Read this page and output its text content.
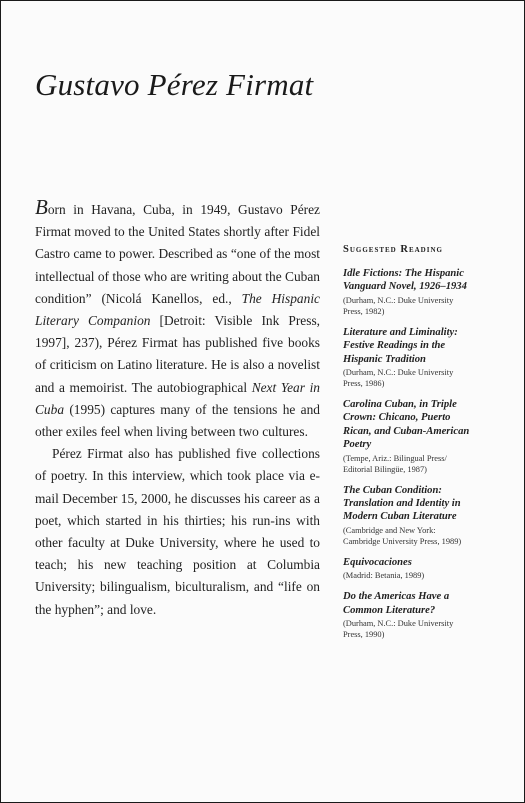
Gustavo Pérez Firmat

Born in Havana, Cuba, in 1949, Gustavo Pérez Firmat moved to the United States shortly after Fidel Castro came to power. Described as “one of the most intellectual of those who are writing about the Cuban condition” (Nicolá Kanellos, ed., The Hispanic Literary Companion [Detroit: Visible Ink Press, 1997], 237), Pérez Firmat has published five books of criticism on Latino literature. He is also a novelist and a memoirist. The autobiographical Next Year in Cuba (1995) captures many of the tensions he and other exiles feel when living between two cultures.

Pérez Firmat also has published five collections of poetry. In this interview, which took place via e-mail December 15, 2000, he discusses his career as a poet, which started in his thirties; his run-ins with other faculty at Duke University, where he used to teach; his new teaching position at Columbia University; bilingualism, biculturalism, and “life on the hyphen”; and love.

Suggested Reading
Idle Fictions: The Hispanic
Vanguard Novel, 1926–1934
(Durham, N.C.: Duke University
Press, 1982)
Literature and Liminality:
Festive Readings in the
Hispanic Tradition
(Durham, N.C.: Duke University
Press, 1986)
Carolina Cuban, in Triple
Crown: Chicano, Puerto
Rican, and Cuban-American
Poetry
(Tempe, Ariz.: Bilingual Press/
Editorial Bilingüe, 1987)
The Cuban Condition:
Translation and Identity in
Modern Cuban Literature
(Cambridge and New York:
Cambridge University Press, 1989)
Equivocaciones
(Madrid: Betania, 1989)
Do the Americas Have a
Common Literature?
(Durham, N.C.: Duke University
Press, 1990)
